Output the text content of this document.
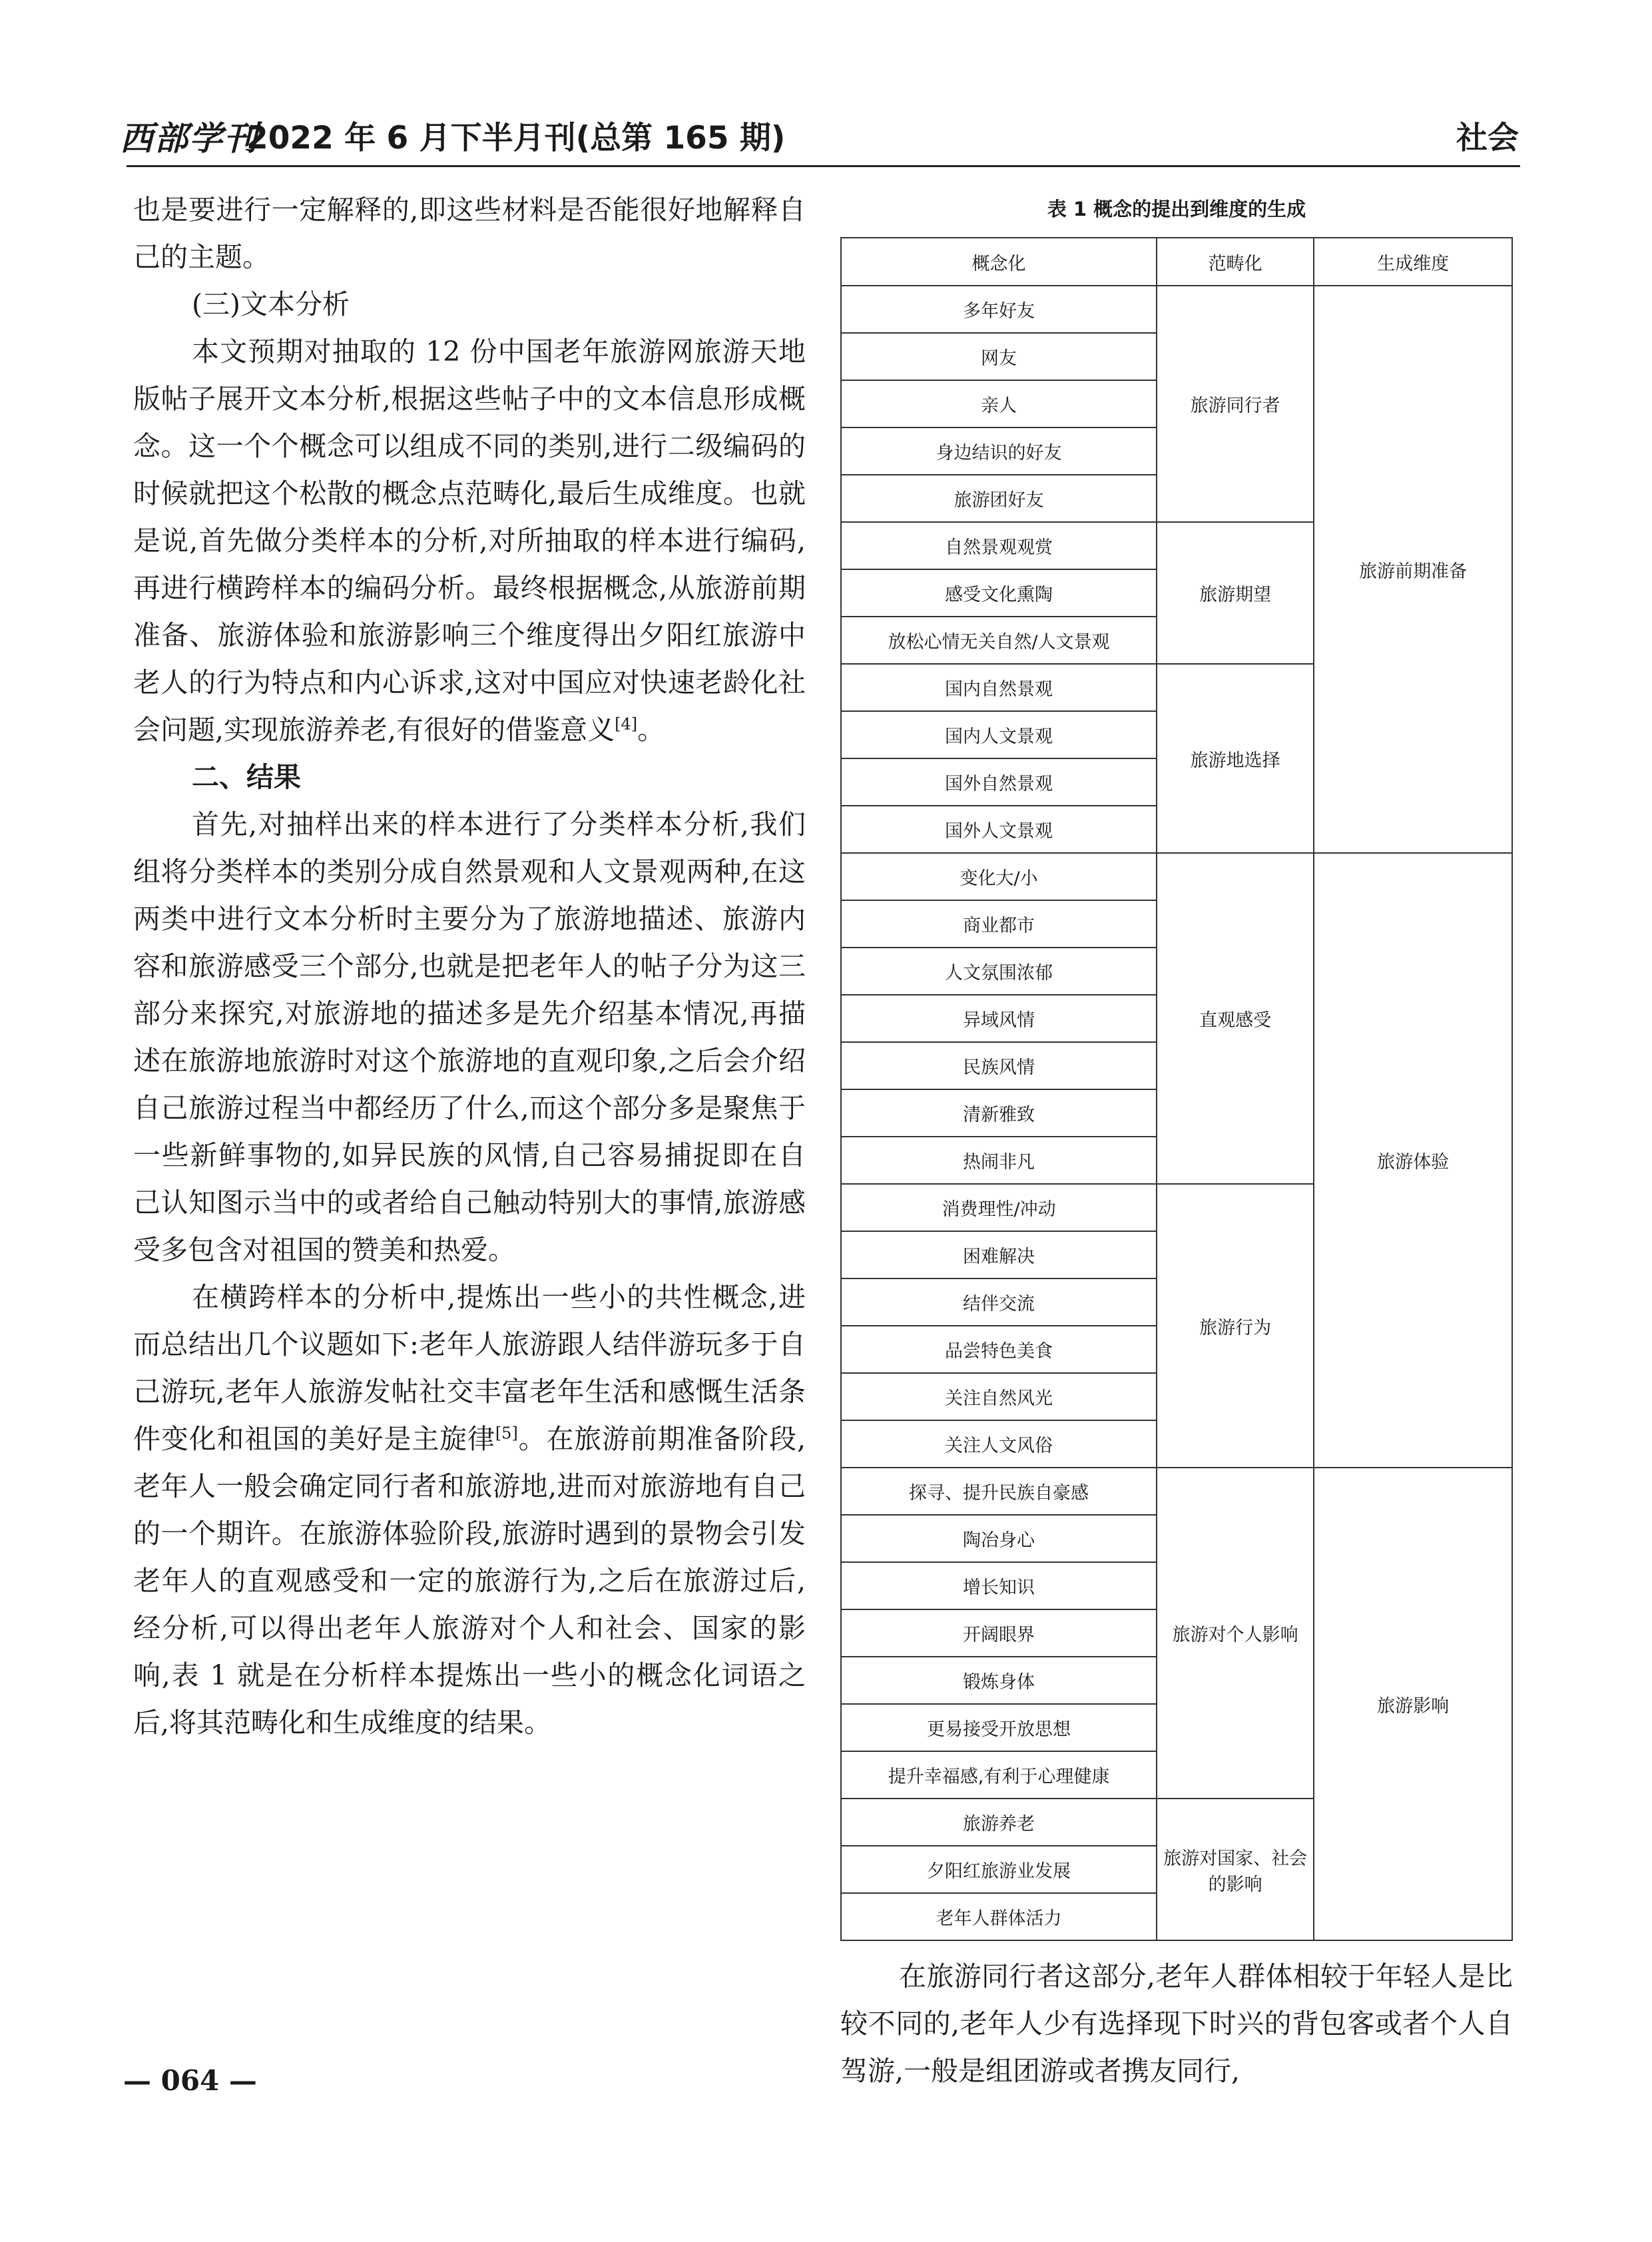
西部学刊
2022 年 6 月下半月刊(总第 165 期)	社会

也是要进行一定解释的,即这些材料是否能很好地解释自己的主题。

(三)文本分析

本文预期对抽取的 12 份中国老年旅游网旅游天地版帖子展开文本分析,根据这些帖子中的文本信息形成概念。这一个个概念可以组成不同的类别,进行二级编码的时候就把这个松散的概念点范畴化,最后生成维度。也就是说,首先做分类样本的分析,对所抽取的样本进行编码,再进行横跨样本的编码分析。最终根据概念,从旅游前期准备、旅游体验和旅游影响三个维度得出夕阳红旅游中老人的行为特点和内心诉求,这对中国应对快速老龄化社会问题,实现旅游养老,有很好的借鉴意义[4]。

二、结果

首先,对抽样出来的样本进行了分类样本分析,我们组将分类样本的类别分成自然景观和人文景观两种,在这两类中进行文本分析时主要分为了旅游地描述、旅游内容和旅游感受三个部分,也就是把老年人的帖子分为这三部分来探究,对旅游地的描述多是先介绍基本情况,再描述在旅游地旅游时对这个旅游地的直观印象,之后会介绍自己旅游过程当中都经历了什么,而这个部分多是聚焦于一些新鲜事物的,如异民族的风情,自己容易捕捉即在自己认知图示当中的或者给自己触动特别大的事情,旅游感受多包含对祖国的赞美和热爱。

在横跨样本的分析中,提炼出一些小的共性概念,进而总结出几个议题如下:老年人旅游跟人结伴游玩多于自己游玩,老年人旅游发帖社交丰富老年生活和感慨生活条件变化和祖国的美好是主旋律[5]。在旅游前期准备阶段,老年人一般会确定同行者和旅游地,进而对旅游地有自己的一个期许。在旅游体验阶段,旅游时遇到的景物会引发老年人的直观感受和一定的旅游行为,之后在旅游过后,经分析,可以得出老年人旅游对个人和社会、国家的影响,表 1 就是在分析样本提炼出一些小的概念化词语之后,将其范畴化和生成维度的结果。

表 1 概念的提出到维度的生成
概念化	范畴化	生成维度
多年好友	旅游同行者	旅游前期准备
网友		
亲人		
身边结识的好友		
旅游团好友		
自然景观观赏	旅游期望	
感受文化熏陶		
放松心情无关自然/人文景观		
国内自然景观	旅游地选择	
国内人文景观		
国外自然景观		
国外人文景观		
变化大/小	直观感受	旅游体验
商业都市		
人文氛围浓郁		
异域风情		
民族风情		
清新雅致		
热闹非凡		
消费理性/冲动	旅游行为	
困难解决		
结伴交流		
品尝特色美食		
关注自然风光		
关注人文风俗		
探寻、提升民族自豪感	旅游对个人影响	旅游影响
陶冶身心		
增长知识		
开阔眼界		
锻炼身体		
更易接受开放思想		
提升幸福感,有利于心理健康		
旅游养老	旅游对国家、社会的影响	
夕阳红旅游业发展		
老年人群体活力		

在旅游同行者这部分,老年人群体相较于年轻人是比较不同的,老年人少有选择现下时兴的背包客或者个人自驾游,一般是组团游或者携友同行,

— 064 —
